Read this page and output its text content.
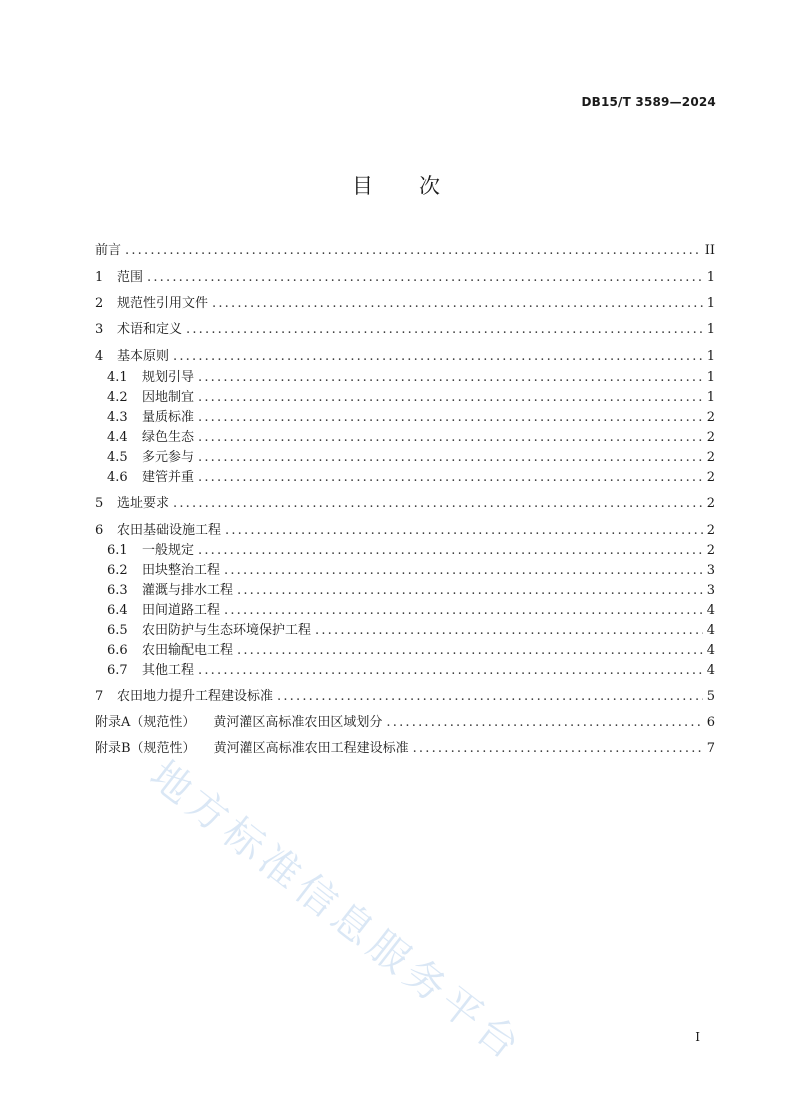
DB15/T 3589—2024
目 次
前言 .....	II
1	范围 .....	1
2	规范性引用文件 .....	1
3	术语和定义 .....	1
4	基本原则 .....	1
4.1	规划引导 .....	1
4.2	因地制宜 .....	1
4.3	量质标准 .....	2
4.4	绿色生态 .....	2
4.5	多元参与 .....	2
4.6	建管并重 .....	2
5	选址要求 .....	2
6	农田基础设施工程 .....	2
6.1	一般规定 .....	2
6.2	田块整治工程 .....	3
6.3	灌溉与排水工程 .....	3
6.4	田间道路工程 .....	4
6.5	农田防护与生态环境保护工程 .....	4
6.6	农田输配电工程 .....	4
6.7	其他工程 .....	4
7	农田地力提升工程建设标准 .....	5
附录A（规范性） 黄河灌区高标准农田区域划分 .....	6
附录B（规范性） 黄河灌区高标准农田工程建设标准 .....	7
地方标准信息服务平台	I
